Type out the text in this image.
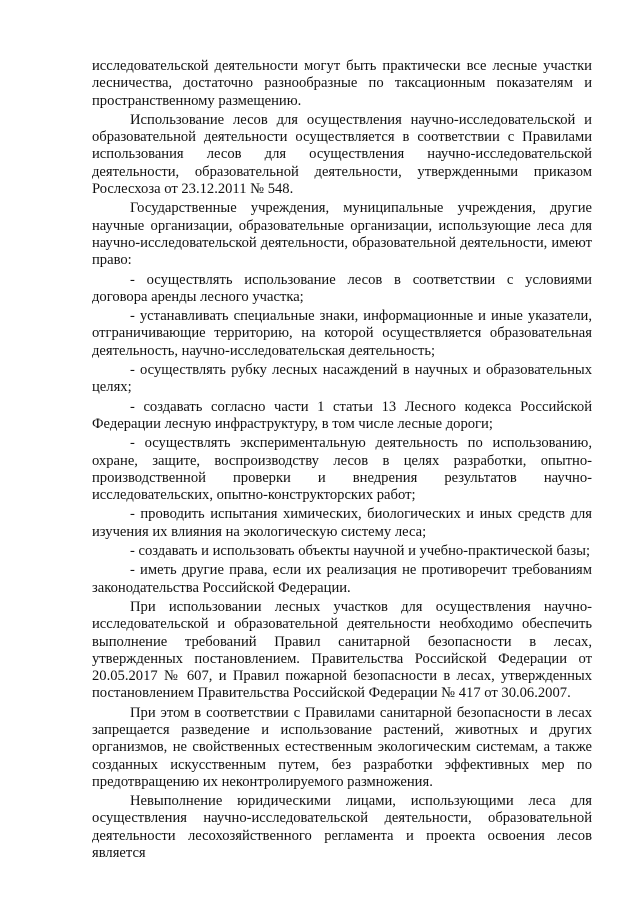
исследовательской деятельности могут быть практически все лесные участки лесничества, достаточно разнообразные по таксационным показателям и пространственному размещению.

Использование лесов для осуществления научно-исследовательской и образовательной деятельности осуществляется в соответствии с Правилами использования лесов для осуществления научно-исследовательской деятельности, образовательной деятельности, утвержденными приказом Рослесхоза от 23.12.2011 № 548.

Государственные учреждения, муниципальные учреждения, другие научные организации, образовательные организации, использующие леса для научно-исследовательской деятельности, образовательной деятельности, имеют право:

- осуществлять использование лесов в соответствии с условиями договора аренды лесного участка;

- устанавливать специальные знаки, информационные и иные указатели, отграничивающие территорию, на которой осуществляется образовательная деятельность, научно-исследовательская деятельность;

- осуществлять рубку лесных насаждений в научных и образовательных целях;

- создавать согласно части 1 статьи 13 Лесного кодекса Российской Федерации лесную инфраструктуру, в том числе лесные дороги;

- осуществлять экспериментальную деятельность по использованию, охране, защите, воспроизводству лесов в целях разработки, опытно-производственной проверки и внедрения результатов научно-исследовательских, опытно-конструкторских работ;

- проводить испытания химических, биологических и иных средств для изучения их влияния на экологическую систему леса;

- создавать и использовать объекты научной и учебно-практической базы;

- иметь другие права, если их реализация не противоречит требованиям законодательства Российской Федерации.

При использовании лесных участков для осуществления научно-исследовательской и образовательной деятельности необходимо обеспечить выполнение требований Правил санитарной безопасности в лесах, утвержденных постановлением. Правительства Российской Федерации от 20.05.2017 № 607, и Правил пожарной безопасности в лесах, утвержденных постановлением Правительства Российской Федерации № 417 от 30.06.2007.

При этом в соответствии с Правилами санитарной безопасности в лесах запрещается разведение и использование растений, животных и других организмов, не свойственных естественным экологическим системам, а также созданных искусственным путем, без разработки эффективных мер по предотвращению их неконтролируемого размножения.

Невыполнение юридическими лицами, использующими леса для осуществления научно-исследовательской деятельности, образовательной деятельности лесохозяйственного регламента и проекта освоения лесов является
